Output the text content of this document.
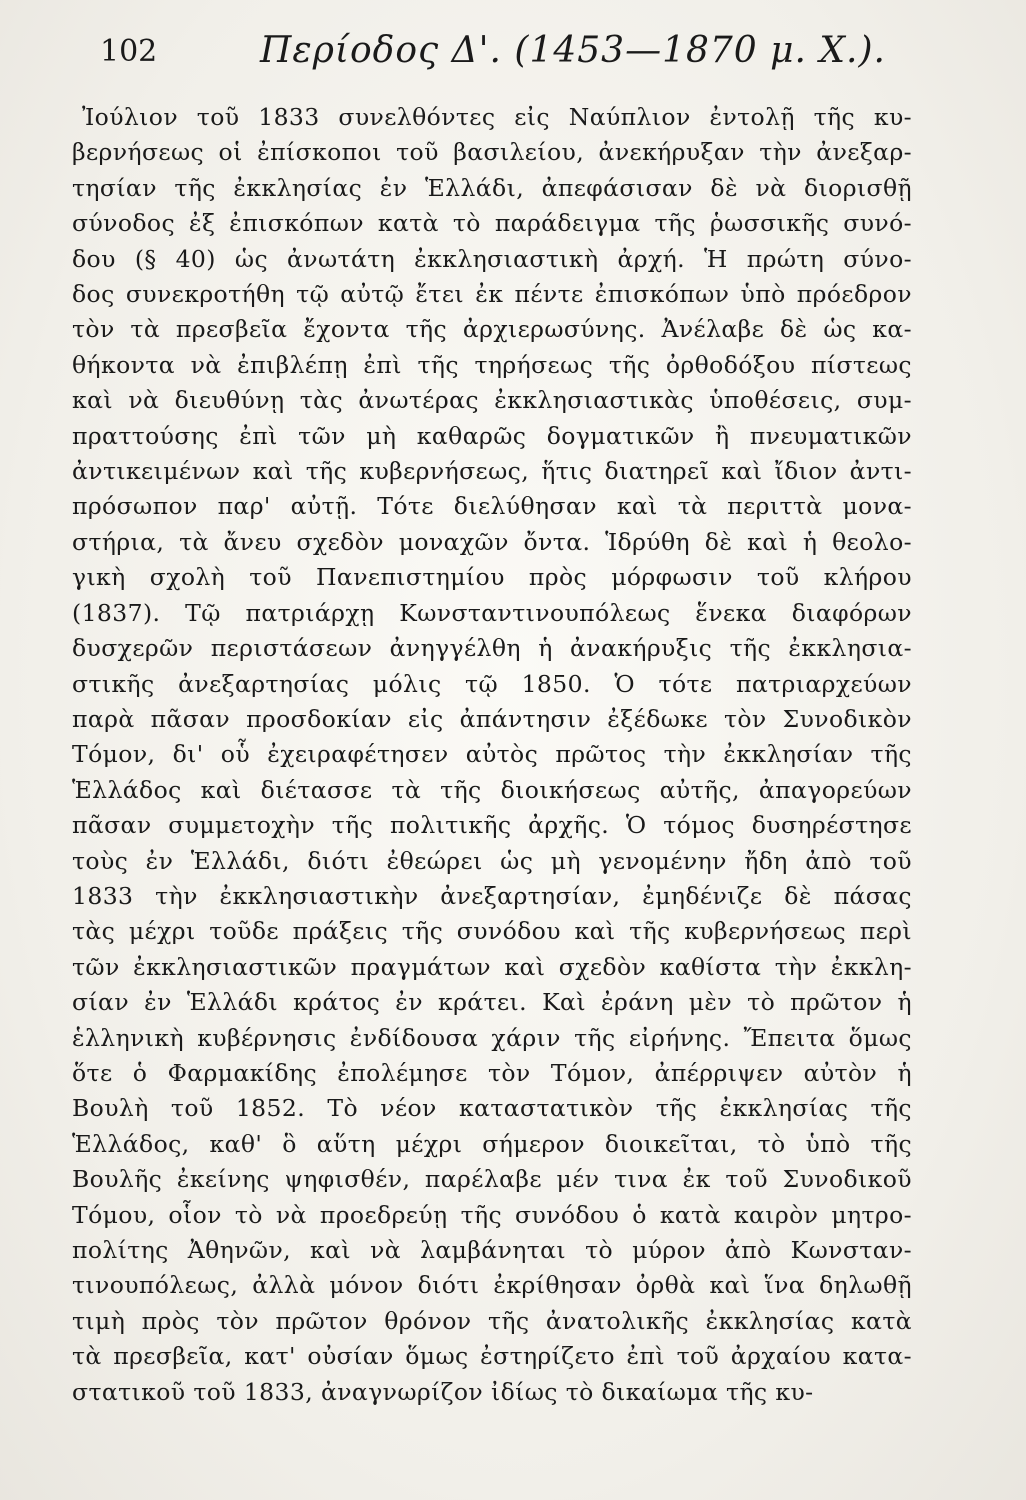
102	Περίοδος Δ'. (1453—1870 μ. Χ.).
Ἰούλιον τοῦ 1833 συνελθόντες εἰς Ναύπλιον ἐντολῇ τῆς κυ-
βερνήσεως οἱ ἐπίσκοποι τοῦ βασιλείου, ἀνεκήρυξαν τὴν ἀνεξαρ-
τησίαν τῆς ἐκκλησίας ἐν Ἑλλάδι, ἀπεφάσισαν δὲ νὰ διορισθῇ
σύνοδος ἐξ ἐπισκόπων κατὰ τὸ παράδειγμα τῆς ῥωσσικῆς συνό-
δου (§ 40) ὡς ἀνωτάτη ἐκκλησιαστικὴ ἀρχή. Ἡ πρώτη σύνο-
δος συνεκροτήθη τῷ αὐτῷ ἔτει ἐκ πέντε ἐπισκόπων ὑπὸ πρόεδρον
τὸν τὰ πρεσβεῖα ἔχοντα τῆς ἀρχιερωσύνης. Ἀνέλαβε δὲ ὡς κα-
θήκοντα νὰ ἐπιβλέπῃ ἐπὶ τῆς τηρήσεως τῆς ὀρθοδόξου πίστεως
καὶ νὰ διευθύνῃ τὰς ἀνωτέρας ἐκκλησιαστικὰς ὑποθέσεις, συμ-
πραττούσης ἐπὶ τῶν μὴ καθαρῶς δογματικῶν ἢ πνευματικῶν
ἀντικειμένων καὶ τῆς κυβερνήσεως, ἥτις διατηρεῖ καὶ ἴδιον ἀντι-
πρόσωπον παρ' αὐτῇ. Τότε διελύθησαν καὶ τὰ περιττὰ μονα-
στήρια, τὰ ἄνευ σχεδὸν μοναχῶν ὄντα. Ἱδρύθη δὲ καὶ ἡ θεολο-
γικὴ σχολὴ τοῦ Πανεπιστημίου πρὸς μόρφωσιν τοῦ κλήρου
(1837). Τῷ πατριάρχῃ Κωνσταντινουπόλεως ἕνεκα διαφόρων
δυσχερῶν περιστάσεων ἀνηγγέλθη ἡ ἀνακήρυξις τῆς ἐκκλησια-
στικῆς ἀνεξαρτησίας μόλις τῷ 1850. Ὁ τότε πατριαρχεύων
παρὰ πᾶσαν προσδοκίαν εἰς ἀπάντησιν ἐξέδωκε τὸν Συνοδικὸν
Τόμον, δι' οὗ ἐχειραφέτησεν αὐτὸς πρῶτος τὴν ἐκκλησίαν τῆς
Ἑλλάδος καὶ διέτασσε τὰ τῆς διοικήσεως αὐτῆς, ἀπαγορεύων
πᾶσαν συμμετοχὴν τῆς πολιτικῆς ἀρχῆς. Ὁ τόμος δυσηρέστησε
τοὺς ἐν Ἑλλάδι, διότι ἐθεώρει ὡς μὴ γενομένην ἤδη ἀπὸ τοῦ
1833 τὴν ἐκκλησιαστικὴν ἀνεξαρτησίαν, ἐμηδένιζε δὲ πάσας
τὰς μέχρι τοῦδε πράξεις τῆς συνόδου καὶ τῆς κυβερνήσεως περὶ
τῶν ἐκκλησιαστικῶν πραγμάτων καὶ σχεδὸν καθίστα τὴν ἐκκλη-
σίαν ἐν Ἑλλάδι κράτος ἐν κράτει. Καὶ ἐράνη μὲν τὸ πρῶτον ἡ
ἑλληνικὴ κυβέρνησις ἐνδίδουσα χάριν τῆς εἰρήνης. Ἔπειτα ὅμως
ὅτε ὁ Φαρμακίδης ἐπολέμησε τὸν Τόμον, ἀπέρριψεν αὐτὸν ἡ
Βουλὴ τοῦ 1852. Τὸ νέον καταστατικὸν τῆς ἐκκλησίας τῆς
Ἑλλάδος, καθ' ὃ αὕτη μέχρι σήμερον διοικεῖται, τὸ ὑπὸ τῆς
Βουλῆς ἐκείνης ψηφισθέν, παρέλαβε μέν τινα ἐκ τοῦ Συνοδικοῦ
Τόμου, οἷον τὸ νὰ προεδρεύῃ τῆς συνόδου ὁ κατὰ καιρὸν μητρο-
πολίτης Ἀθηνῶν, καὶ νὰ λαμβάνηται τὸ μύρον ἀπὸ Κωνσταν-
τινουπόλεως, ἀλλὰ μόνον διότι ἐκρίθησαν ὀρθὰ καὶ ἵνα δηλωθῇ
τιμὴ πρὸς τὸν πρῶτον θρόνον τῆς ἀνατολικῆς ἐκκλησίας κατὰ
τὰ πρεσβεῖα, κατ' οὐσίαν ὅμως ἐστηρίζετο ἐπὶ τοῦ ἀρχαίου κατα-
στατικοῦ τοῦ 1833, ἀναγνωρίζον ἰδίως τὸ δικαίωμα τῆς κυ-
